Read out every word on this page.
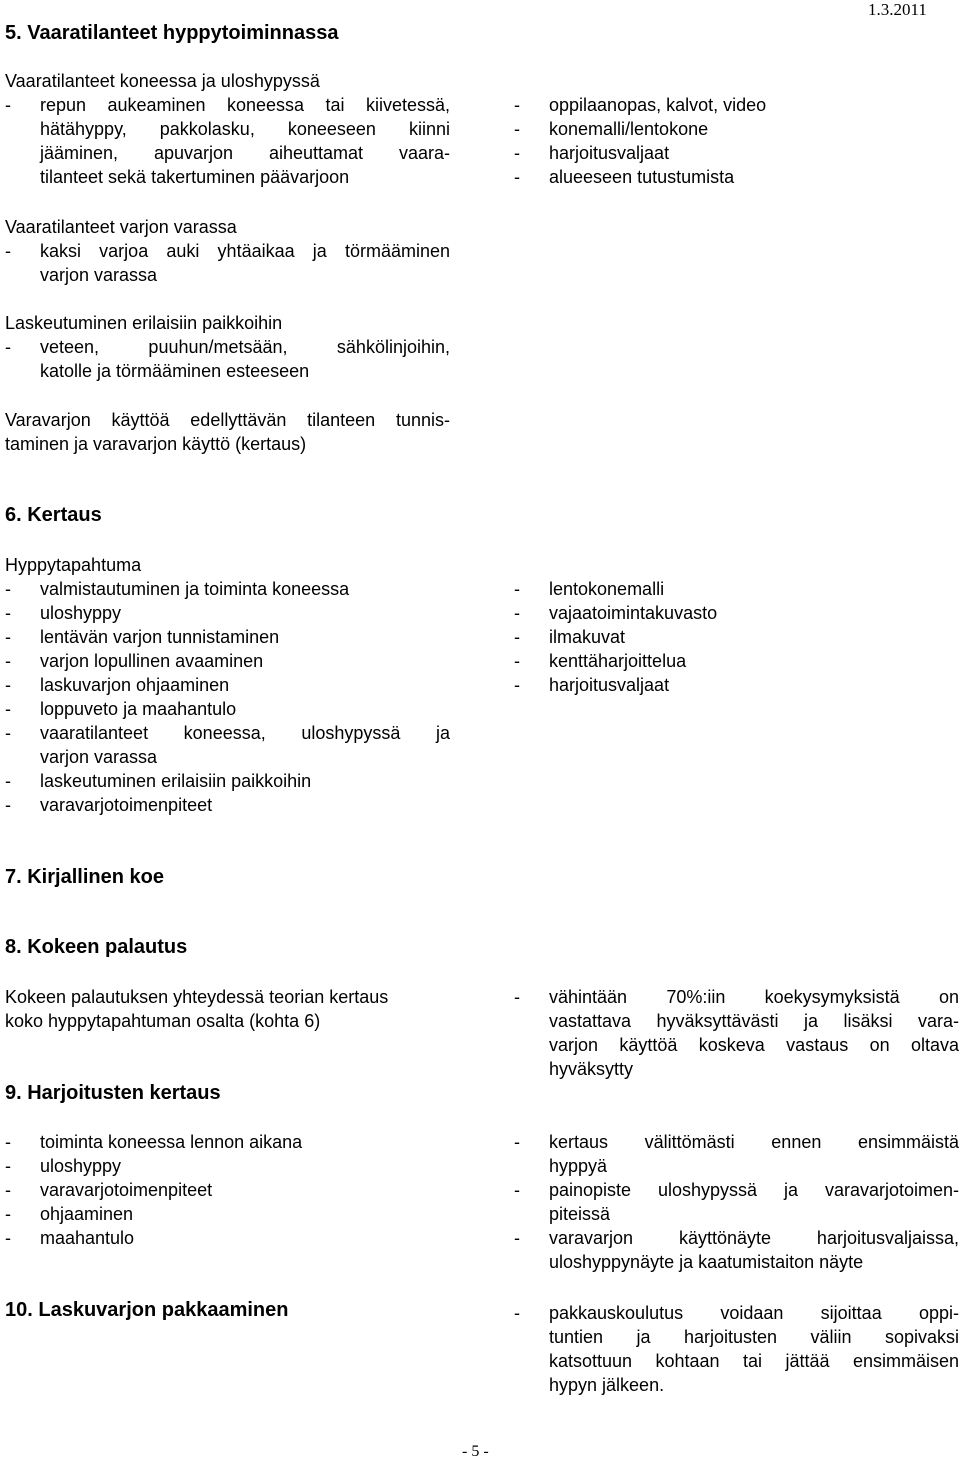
5. Vaaratilanteet hyppytoiminnassa
1.3.2011
Vaaratilanteet koneessa ja uloshypyssä
- repun aukeaminen koneessa tai kiivetessä,
hätähyppy, pakkolasku, koneeseen kiinni
jääminen, apuvarjon aiheuttamat vaara-
tilanteet sekä takertuminen päävarjoon
- oppilaanopas, kalvot, video
- konemalli/lentokone
- harjoitusvaljaat
- alueeseen tutustumista
Vaaratilanteet varjon varassa
- kaksi varjoa auki yhtäaikaa ja törmääminen
varjon varassa
Laskeutuminen erilaisiin paikkoihin
- veteen, puuhun/metsään, sähkölinjoihin,
katolle ja törmääminen esteeseen
Varavarjon käyttöä edellyttävän tilanteen tunnis-
taminen ja varavarjon käyttö (kertaus)
6. Kertaus
Hyppytapahtuma
- valmistautuminen ja toiminta koneessa
- uloshyppy
- lentävän varjon tunnistaminen
- varjon lopullinen avaaminen
- laskuvarjon ohjaaminen
- loppuveto ja maahantulo
- vaaratilanteet koneessa, uloshypyssä ja
varjon varassa
- laskeutuminen erilaisiin paikkoihin
- varavarjotoimenpiteet
- lentokonemalli
- vajaatoimintakuvasto
- ilmakuvat
- kenttäharjoittelua
- harjoitusvaljaat
7. Kirjallinen koe
8. Kokeen palautus
Kokeen palautuksen yhteydessä teorian kertaus
koko hyppytapahtuman osalta (kohta 6)
- vähintään 70%:iin koekysymyksistä on
vastattava hyväksyttävästi ja lisäksi vara-
varjon käyttöä koskeva vastaus on oltava
hyväksytty
9. Harjoitusten kertaus
- toiminta koneessa lennon aikana
- uloshyppy
- varavarjotoimenpiteet
- ohjaaminen
- maahantulo
- kertaus välittömästi ennen ensimmäistä
hyppyä
- painopiste uloshypyssä ja varavarjotoimen-
piteissä
- varavarjon käyttönäyte harjoitusvaljaissa,
uloshyppynäyte ja kaatumistaiton näyte
10. Laskuvarjon pakkaaminen	- pakkauskoulutus voidaan sijoittaa oppi-
tuntien ja harjoitusten väliin sopivaksi
katsottuun kohtaan tai jättää ensimmäisen
hypyn jälkeen.
- 5 -
